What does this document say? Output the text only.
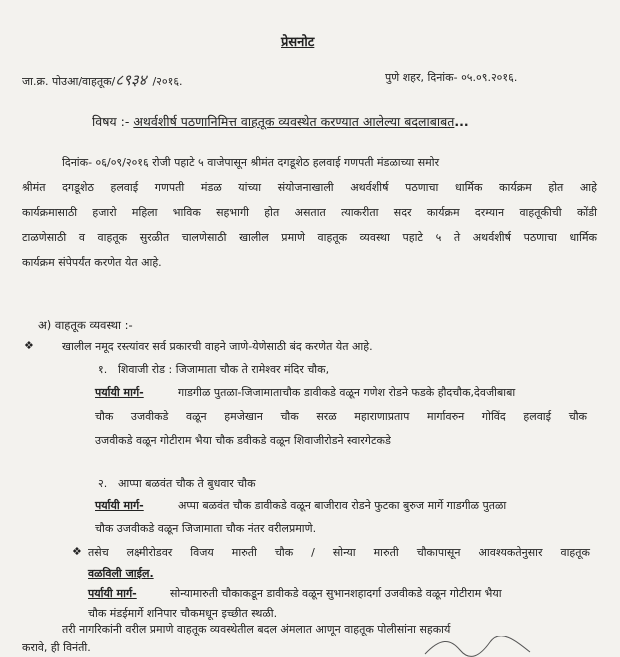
प्रेसनोट
जा.क्र. पोउआ/वाहतूक/८९३४ /२०१६.	पुणे शहर, दिनांक- ०५.०९.२०१६.
विषय :- अथर्वशीर्ष पठणानिमित्त वाहतूक व्यवस्थेत करण्यात आलेल्या बदलाबाबत...
दिनांक- ०६/०९/२०१६ रोजी पहाटे ५ वाजेपासून श्रीमंत दगडूशेठ हलवाई गणपती मंडळाच्या समोर
श्रीमंत दगडूशेठ हलवाई गणपती मंडळ यांच्या संयोजनाखाली अथर्वशीर्ष पठणाचा धार्मिक कार्यक्रम होत आहे
कार्यक्रमासाठी हजारो महिला भाविक सहभागी होत असतात त्याकरीता सदर कार्यक्रम दरम्यान वाहतूकीची कोंडी
टाळणेसाठी व वाहतूक सुरळीत चालणेसाठी खालील प्रमाणे वाहतूक व्यवस्था पहाटे ५ ते अथर्वशीर्ष पठणाचा धार्मिक
कार्यक्रम संपेपर्यंत करणेत येत आहे.
अ) वाहतूक व्यवस्था :-
❖	खालील नमूद रस्त्यांवर सर्व प्रकारची वाहने जाणे-येणेसाठी बंद करणेत येत आहे.
१. शिवाजी रोड : जिजामाता चौक ते रामेश्वर मंदिर चौक,
पर्यायी मार्ग-	गाडगीळ पुतळा-जिजामाताचौक डावीकडे वळून गणेश रोडने फडके हौदचौक,देवजीबाबा
चौक उजवीकडे वळून हमजेखान चौक सरळ महाराणाप्रताप मार्गावरुन गोविंद हलवाई चौक
उजवीकडे वळून गोटीराम भैया चौक डवीकडे वळून शिवाजीरोडने स्वारगेटकडे
२. आप्पा बळवंत चौक ते बुधवार चौक
पर्यायी मार्ग-	अप्पा बळवंत चौक डावीकडे वळून बाजीराव रोडने फुटका बुरुज मार्गे गाडगीळ पुतळा
चौक उजवीकडे वळून जिजामाता चौक नंतर वरीलप्रमाणे.
❖ तसेच लक्ष्मीरोडवर विजय मारुती चौक / सोन्या मारुती चौकापासून आवश्यकतेनुसार वाहतूक
वळविली जाईल.
पर्यायी मार्ग-	सोन्यामारुती चौकाकडून डावीकडे वळून सुभानशहादर्गा उजवीकडे वळून गोटीराम भैया
चौक मंडईमार्गे शनिपार चौकमधून इच्छीत स्थळी.
तरी नागरिकांनी वरील प्रमाणे वाहतूक व्यवस्थेतील बदल अंमलात आणून वाहतूक पोलीसांना सहकार्य
करावे, ही विनंती.
